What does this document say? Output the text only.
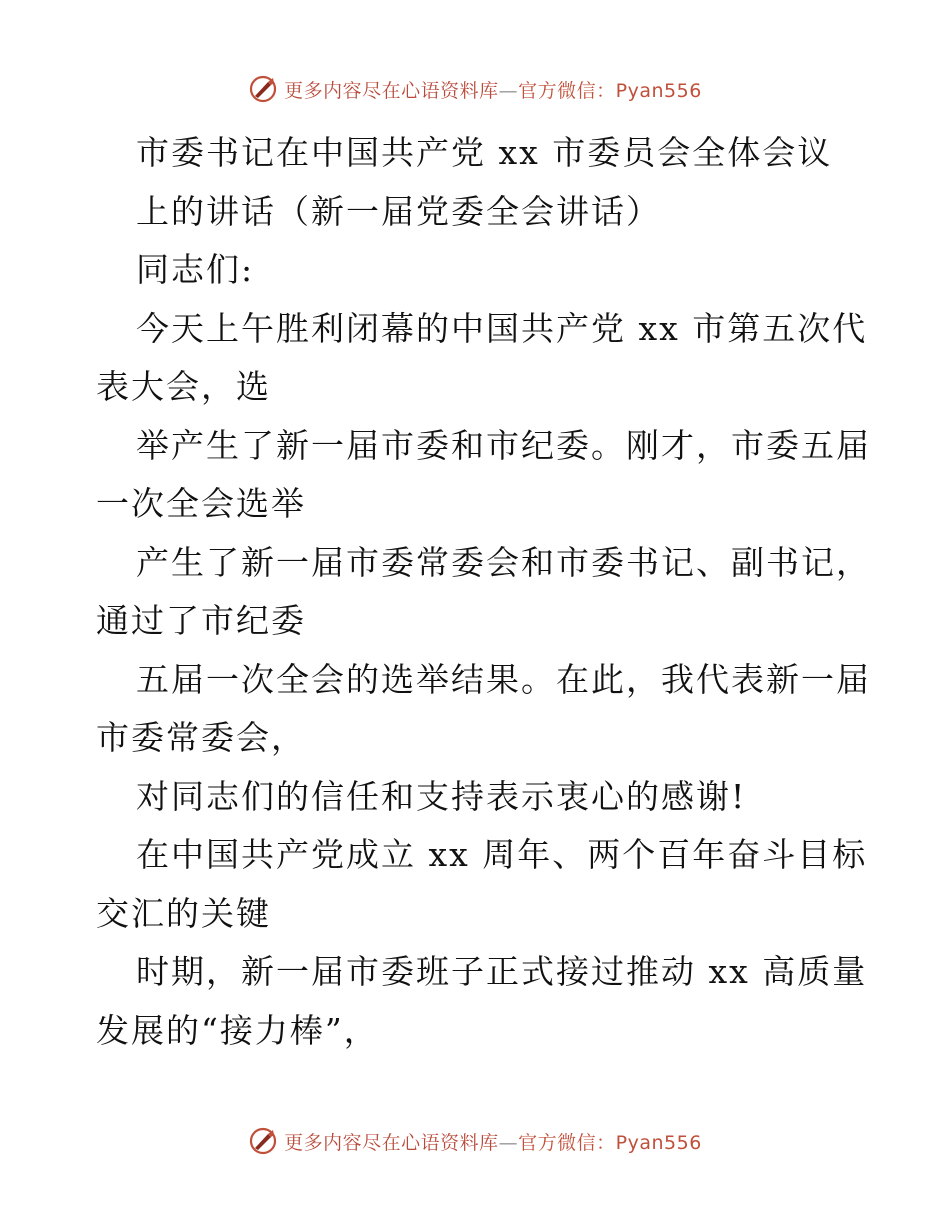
更多内容尽在心语资料库—官方微信：Pyan556
市委书记在中国共产党 xx 市委员会全体会议
上的讲话（新一届党委全会讲话）
同志们:
今天上午胜利闭幕的中国共产党 xx 市第五次代
表大会，选
举产生了新一届市委和市纪委。刚才，市委五届
一次全会选举
产生了新一届市委常委会和市委书记、副书记，
通过了市纪委
五届一次全会的选举结果。在此，我代表新一届
市委常委会，
对同志们的信任和支持表示衷心的感谢!
在中国共产党成立 xx 周年、两个百年奋斗目标
交汇的关键
时期，新一届市委班子正式接过推动 xx 高质量
发展的“接力棒”，
更多内容尽在心语资料库—官方微信：Pyan556
